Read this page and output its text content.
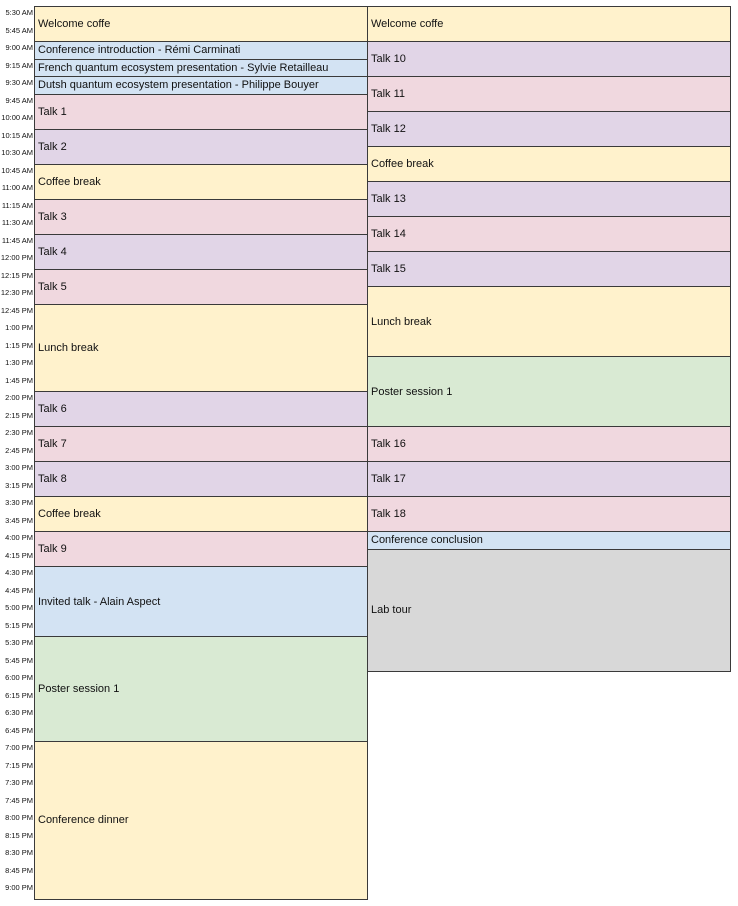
5:30 AM
5:45 AM
9:00 AM
9:15 AM
9:30 AM
9:45 AM
10:00 AM
10:15 AM
10:30 AM
10:45 AM
11:00 AM
11:15 AM
11:30 AM
11:45 AM
12:00 PM
12:15 PM
12:30 PM
12:45 PM
1:00 PM
1:15 PM
1:30 PM
1:45 PM
2:00 PM
2:15 PM
2:30 PM
2:45 PM
3:00 PM
3:15 PM
3:30 PM
3:45 PM
4:00 PM
4:15 PM
4:30 PM
4:45 PM
5:00 PM
5:15 PM
5:30 PM
5:45 PM
6:00 PM
6:15 PM
6:30 PM
6:45 PM
7:00 PM
7:15 PM
7:30 PM
7:45 PM
8:00 PM
8:15 PM
8:30 PM
8:45 PM
9:00 PM
Welcome coffe
Conference introduction - Rémi Carminati
French quantum ecosystem presentation - Sylvie Retailleau
Dutsh quantum ecosystem presentation - Philippe Bouyer
Talk 1
Talk 2
Coffee break
Talk 3
Talk 4
Talk 5
Lunch break
Talk 6
Talk 7
Talk 8
Coffee break
Talk 9
Invited talk - Alain Aspect
Poster session 1
Conference dinner
Welcome coffe
Talk 10
Talk 11
Talk 12
Coffee break
Talk 13
Talk 14
Talk 15
Lunch break
Poster session 1
Talk 16
Talk 17
Talk 18
Conference conclusion
Lab tour
